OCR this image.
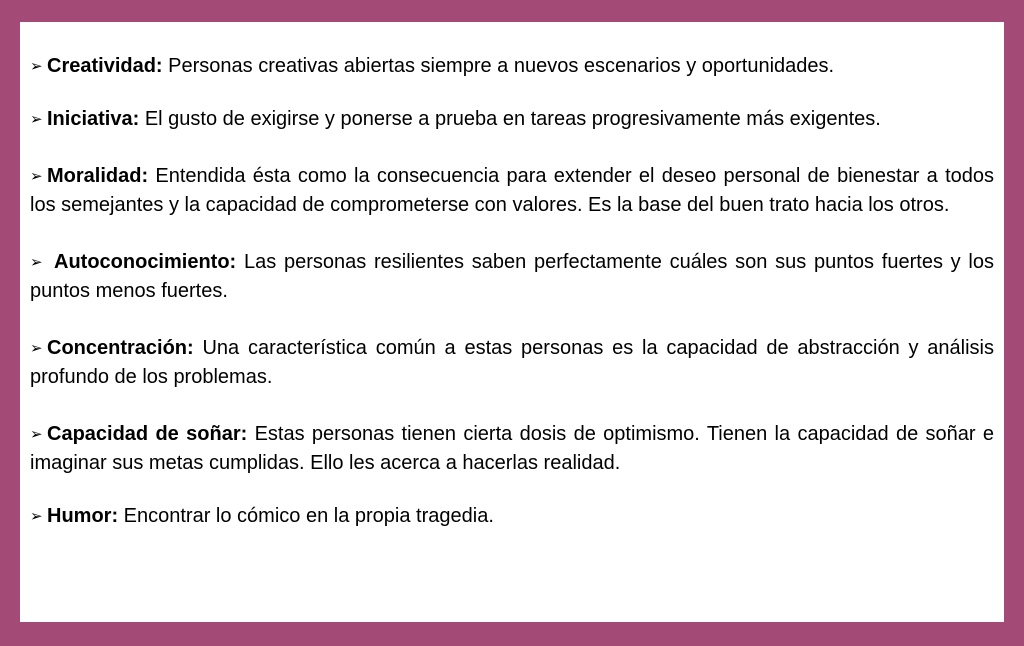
➢ Creatividad: Personas creativas abiertas siempre a nuevos escenarios y oportunidades.

➢ Iniciativa: El gusto de exigirse y ponerse a prueba en tareas progresivamente más exigentes.

➢ Moralidad: Entendida ésta como la consecuencia para extender el deseo personal de bienestar a todos los semejantes y la capacidad de comprometerse con valores. Es la base del buen trato hacia los otros.

➢ Autoconocimiento: Las personas resilientes saben perfectamente cuáles son sus puntos fuertes y los puntos menos fuertes.

➢ Concentración: Una característica común a estas personas es la capacidad de abstracción y análisis profundo de los problemas.

➢ Capacidad de soñar: Estas personas tienen cierta dosis de optimismo. Tienen la capacidad de soñar e imaginar sus metas cumplidas. Ello les acerca a hacerlas realidad.

➢ Humor: Encontrar lo cómico en la propia tragedia.
